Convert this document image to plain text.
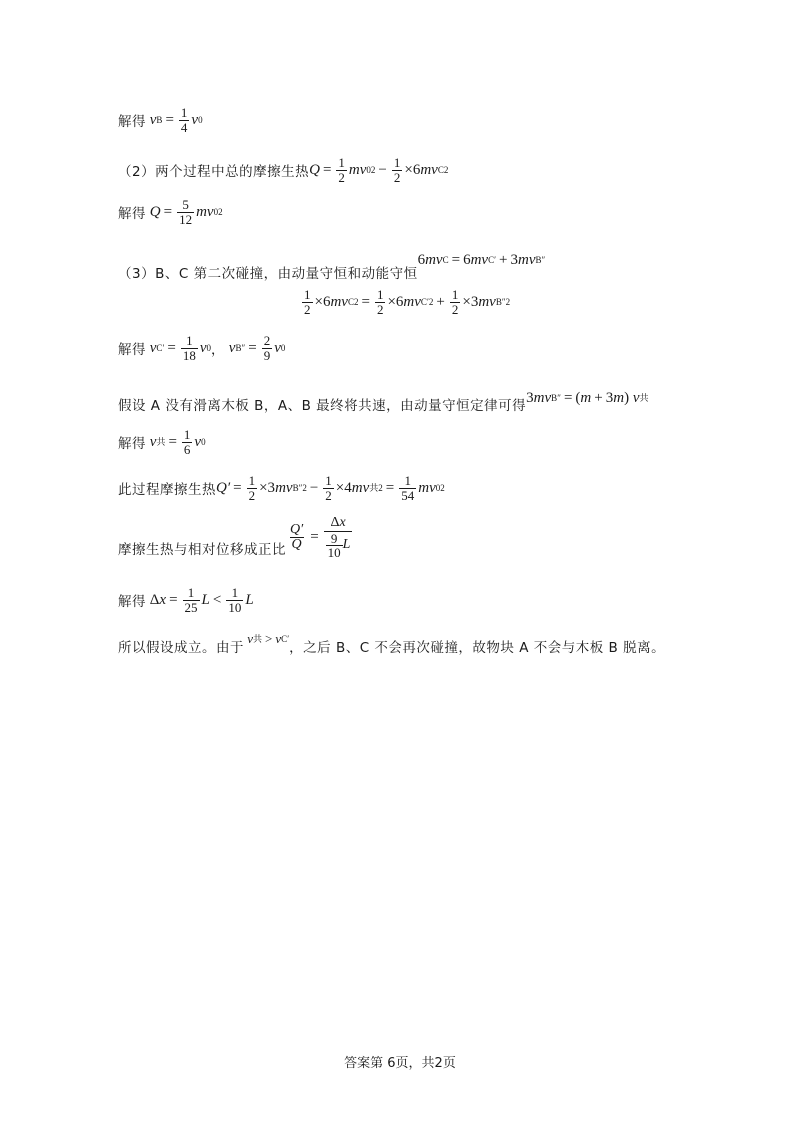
解得
v $B = \frac{1}{4}$ v 0
（2）两个过程中总的摩擦生热 $Q = \frac{1}{2}$ mv 0 $2 - \frac{1}{2} \times 6$ mv C 2
解得
$Q = \frac{5}{12}$ mv 0 2
（3）B、C 第二次碰撞，由动量守恒和动能守恒
6 mv C = 6 mv C ′ + 3 mv B ″
$\frac{1}{2} \times 6$ mv C $2 = \frac{1}{2} \times 6$ mv C $'2 + \frac{1}{2} \times 3$ mv B ″2
解得
v C ′ = $\frac{1}{18}$ v 0 ，
v B ″ = $\frac{2}{9}$ v 0
假设 A 没有滑离木板 B，A、B 最终将共速，由动量守恒定律可得
3 mv B ″ = ( m + 3 m ) v 共
解得
v 共 = $\frac{1}{6}$ v 0
此过程摩擦生热 $Q' = \frac{1}{2} \times 3$ mv B $''2 - \frac{1}{2} \times 4$ mv 共 $2 = \frac{1}{54}$ mv 0 2
摩擦生热与相对位移成正比 $\frac{Q'}{Q} = \frac{\Delta x}{\frac{9}{10} L}$
解得 Δ $x = \frac{1}{25}$ $L < \frac{1}{10}$ L
所以假设成立。由于

v 共 > v C ′
，之后 B、C 不会再次碰撞，故物块 A 不会与木板 B 脱离。
答案第 6页，共2页
